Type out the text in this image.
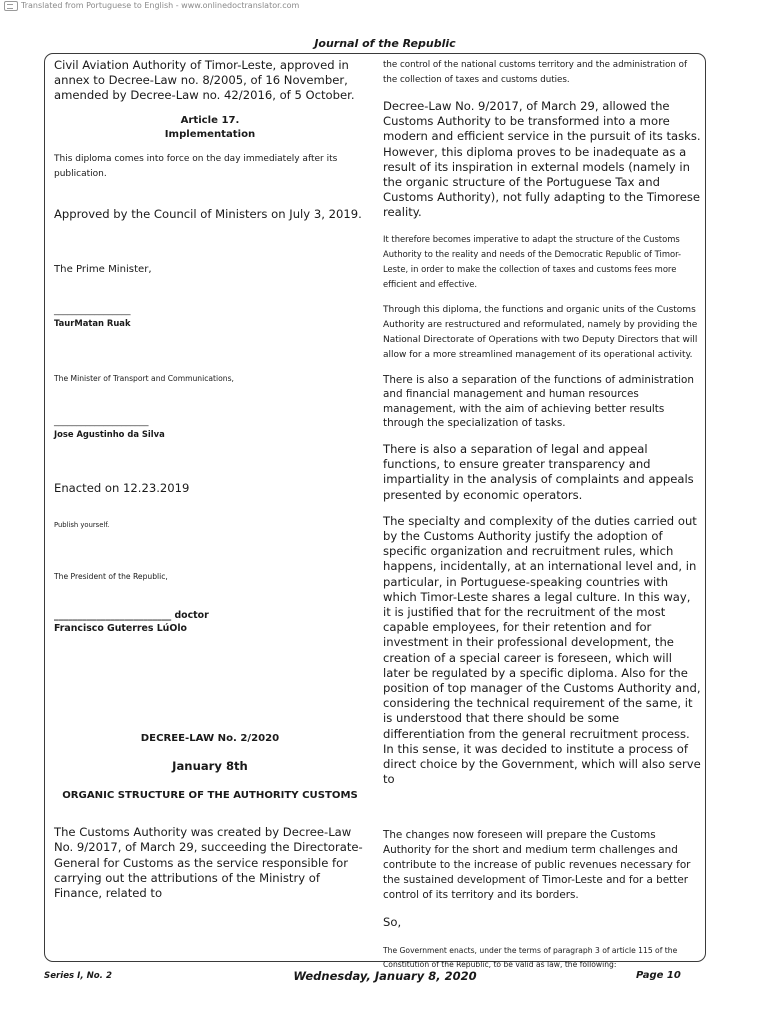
Translated from Portuguese to English - www.onlinedoctranslator.com
Journal of the Republic

Civil Aviation Authority of Timor-Leste, approved in annex to Decree-Law no. 8/2005, of 16 November, amended by Decree-Law no. 42/2016, of 5 October.

Article 17.

Implementation

This diploma comes into force on the day immediately after its publication.

Approved by the Council of Ministers on July 3, 2019.

The Prime Minister,

_________________

TaurMatan Ruak

The Minister of Transport and Communications,

_____________________

Jose Agustinho da Silva

Enacted on 12.23.2019

Publish yourself.

The President of the Republic,

_________________________ doctor

Francisco Guterres LúOlo

DECREE-LAW No. 2/2020

January 8th

ORGANIC STRUCTURE OF THE AUTHORITY CUSTOMS

The Customs Authority was created by Decree-Law No. 9/2017, of March 29, succeeding the Directorate-General for Customs as the service responsible for carrying out the attributions of the Ministry of Finance, related to

the control of the national customs territory and the administration of the collection of taxes and customs duties.

Decree-Law No. 9/2017, of March 29, allowed the Customs Authority to be transformed into a more modern and efficient service in the pursuit of its tasks. However, this diploma proves to be inadequate as a result of its inspiration in external models (namely in the organic structure of the Portuguese Tax and Customs Authority), not fully adapting to the Timorese reality.

It therefore becomes imperative to adapt the structure of the Customs Authority to the reality and needs of the Democratic Republic of Timor-Leste, in order to make the collection of taxes and customs fees more efficient and effective.

Through this diploma, the functions and organic units of the Customs Authority are restructured and reformulated, namely by providing the National Directorate of Operations with two Deputy Directors that will allow for a more streamlined management of its operational activity.

There is also a separation of the functions of administration and financial management and human resources management, with the aim of achieving better results through the specialization of tasks.

There is also a separation of legal and appeal functions, to ensure greater transparency and impartiality in the analysis of complaints and appeals presented by economic operators.

The specialty and complexity of the duties carried out by the Customs Authority justify the adoption of specific organization and recruitment rules, which happens, incidentally, at an international level and, in particular, in Portuguese-speaking countries with which Timor-Leste shares a legal culture. In this way, it is justified that for the recruitment of the most capable employees, for their retention and for investment in their professional development, the creation of a special career is foreseen, which will later be regulated by a specific diploma. Also for the position of top manager of the Customs Authority and, considering the technical requirement of the same, it is understood that there should be some differentiation from the general recruitment process. In this sense, it was decided to institute a process of direct choice by the Government, which will also serve to

The changes now foreseen will prepare the Customs Authority for the short and medium term challenges and contribute to the increase of public revenues necessary for the sustained development of Timor-Leste and for a better control of its territory and its borders.

So,

The Government enacts, under the terms of paragraph 3 of article 115 of the Constitution of the Republic, to be valid as law, the following:

Series I, No. 2	Wednesday, January 8, 2020	Page 10
